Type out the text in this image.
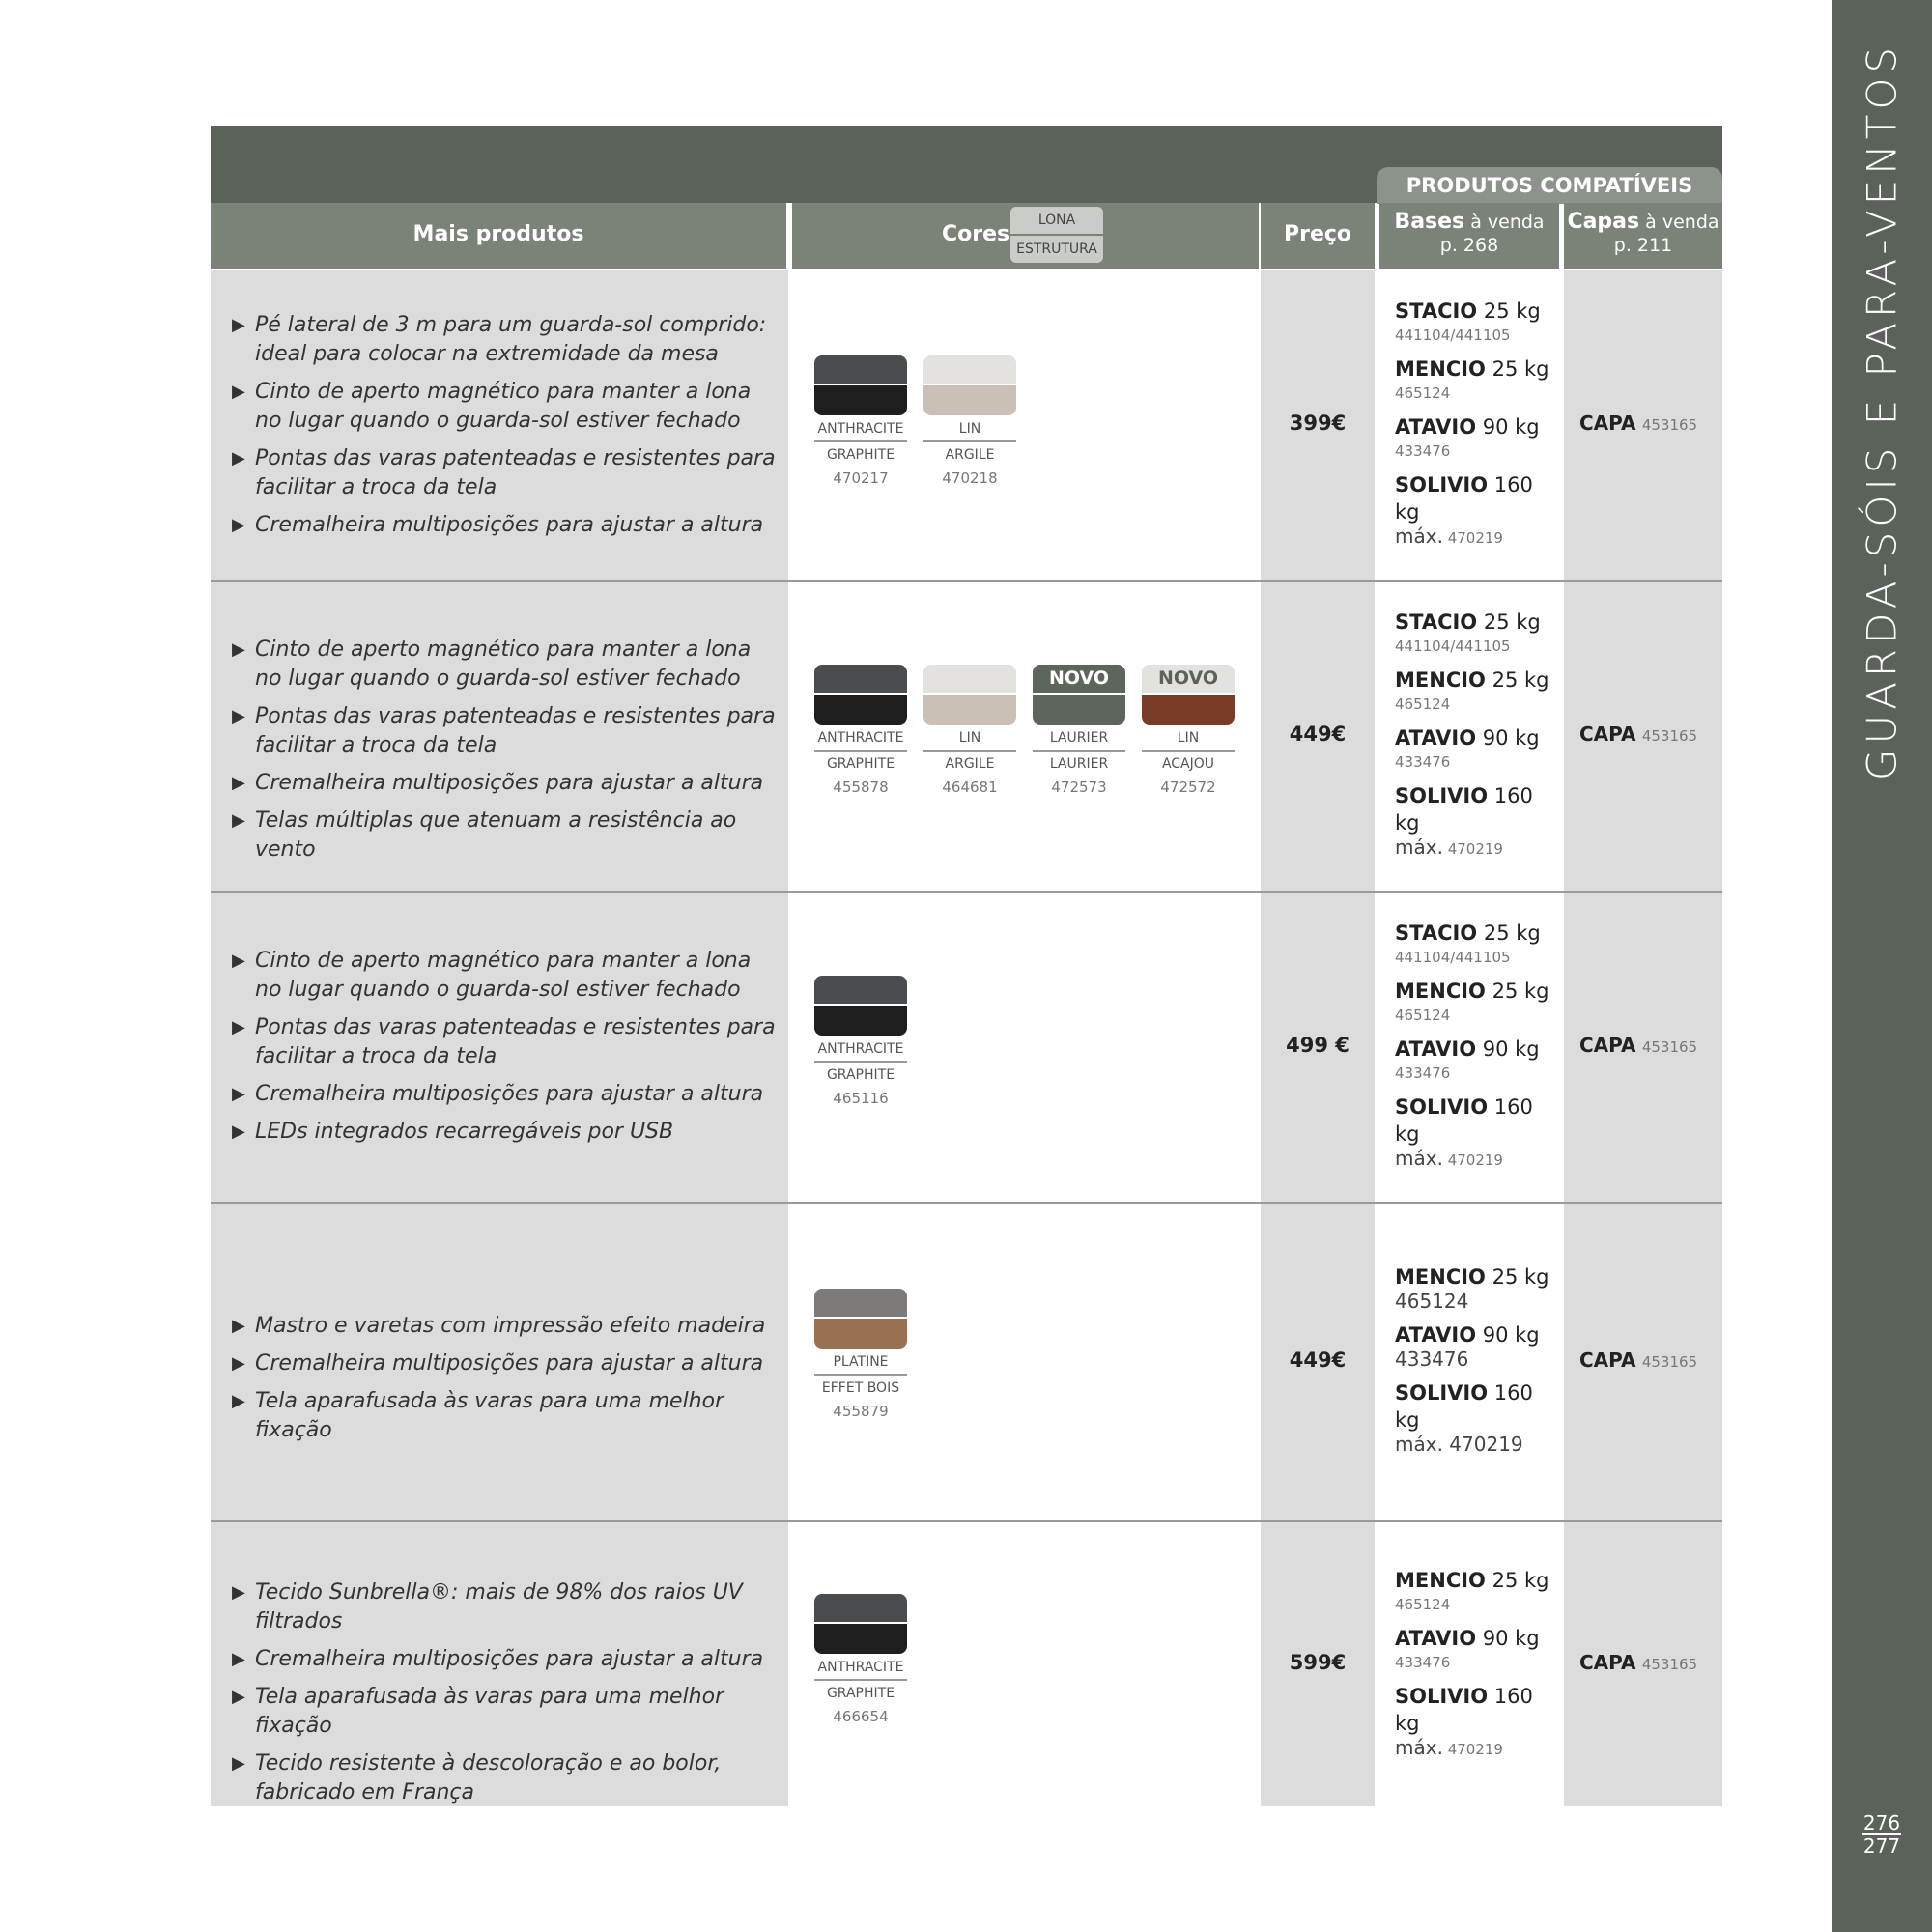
GUARDA-SÓIS E PARA-VENTOS
276
277
PRODUTOS COMPATÍVEIS
Mais produtos	Cores
LONA
ESTRUTURA
Preço
Bases à venda
p. 268
Capas à venda
p. 211
▶ Pé lateral de 3 m para um guarda-sol comprido: ideal para colocar na extremidade da mesa
▶ Cinto de aperto magnético para manter a lona no lugar quando o guarda-sol estiver fechado
▶ Pontas das varas patenteadas e resistentes para facilitar a troca da tela
▶ Cremalheira multiposições para ajustar a altura
ANTHRACITE
GRAPHITE
470217
LIN
ARGILE
470218
399€
STACIO 25 kg
441104/441105
MENCIO 25 kg
465124
ATAVIO 90 kg
433476
SOLIVIO 160 kg
máx. 470219
CAPA 453165
▶ Cinto de aperto magnético para manter a lona no lugar quando o guarda-sol estiver fechado
▶ Pontas das varas patenteadas e resistentes para facilitar a troca da tela
▶ Cremalheira multiposições para ajustar a altura
▶ Telas múltiplas que atenuam a resistência ao vento
ANTHRACITE
GRAPHITE
455878
LIN
ARGILE
464681
NOVO
LAURIER
LAURIER
472573
NOVO
LIN
ACAJOU
472572
449€
STACIO 25 kg
441104/441105
MENCIO 25 kg
465124
ATAVIO 90 kg
433476
SOLIVIO 160 kg
máx. 470219
CAPA 453165
▶ Cinto de aperto magnético para manter a lona no lugar quando o guarda-sol estiver fechado
▶ Pontas das varas patenteadas e resistentes para facilitar a troca da tela
▶ Cremalheira multiposições para ajustar a altura
▶ LEDs integrados recarregáveis por USB
ANTHRACITE
GRAPHITE
465116
499 €
STACIO 25 kg
441104/441105
MENCIO 25 kg
465124
ATAVIO 90 kg
433476
SOLIVIO 160 kg
máx. 470219
CAPA 453165
▶ Mastro e varetas com impressão efeito madeira
▶ Cremalheira multiposições para ajustar a altura
▶ Tela aparafusada às varas para uma melhor fixação
PLATINE
EFFET BOIS
455879
449€
MENCIO 25 kg
465124
ATAVIO 90 kg
433476
SOLIVIO 160 kg
máx. 470219
CAPA 453165
▶ Tecido Sunbrella®: mais de 98% dos raios UV filtrados
▶ Cremalheira multiposições para ajustar a altura
▶ Tela aparafusada às varas para uma melhor fixação
▶ Tecido resistente à descoloração e ao bolor, fabricado em França
ANTHRACITE
GRAPHITE
466654
599€
MENCIO 25 kg
465124
ATAVIO 90 kg
433476
SOLIVIO 160 kg
máx. 470219
CAPA 453165
